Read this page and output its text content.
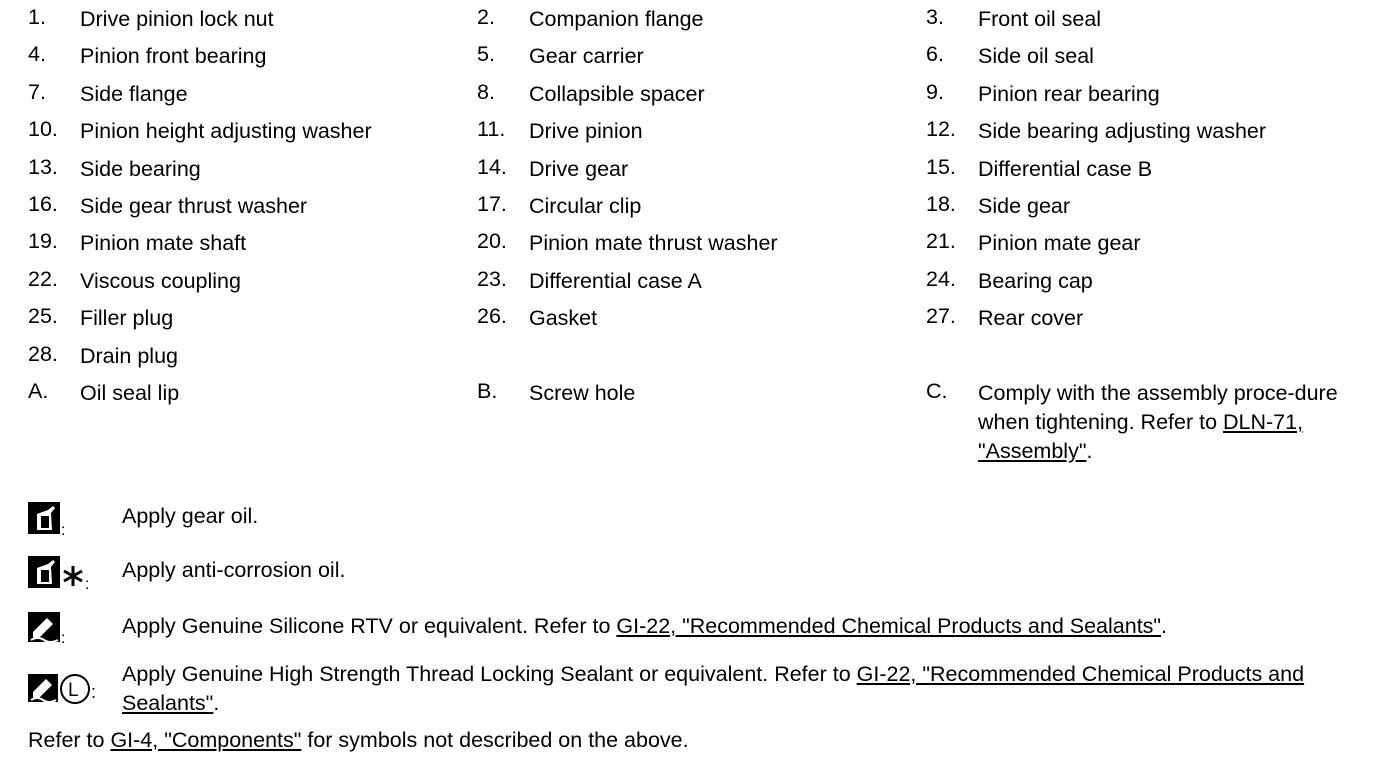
1.	Drive pinion lock nut	2.	Companion flange	3.	Front oil seal
4.	Pinion front bearing	5.	Gear carrier	6.	Side oil seal
7.	Side flange	8.	Collapsible spacer	9.	Pinion rear bearing
10.	Pinion height adjusting washer	11.	Drive pinion	12.	Side bearing adjusting washer
13.	Side bearing	14.	Drive gear	15.	Differential case B
16.	Side gear thrust washer	17.	Circular clip	18.	Side gear
19.	Pinion mate shaft	20.	Pinion mate thrust washer	21.	Pinion mate gear
22.	Viscous coupling	23.	Differential case A	24.	Bearing cap
25.	Filler plug	26.	Gasket	27.	Rear cover
28.	Drain plug
A.	Oil seal lip	B.	Screw hole	C.	Comply with the assembly proce-dure when tightening. Refer to DLN-71, "Assembly".
:
Apply gear oil.
:
Apply anti-corrosion oil.
:
Apply Genuine Silicone RTV or equivalent. Refer to GI-22, "Recommended Chemical Products and Sealants".
L :
Apply Genuine High Strength Thread Locking Sealant or equivalent. Refer to GI-22, "Recommended Chemical Products and Sealants".
Refer to GI-4, "Components" for symbols not described on the above.
